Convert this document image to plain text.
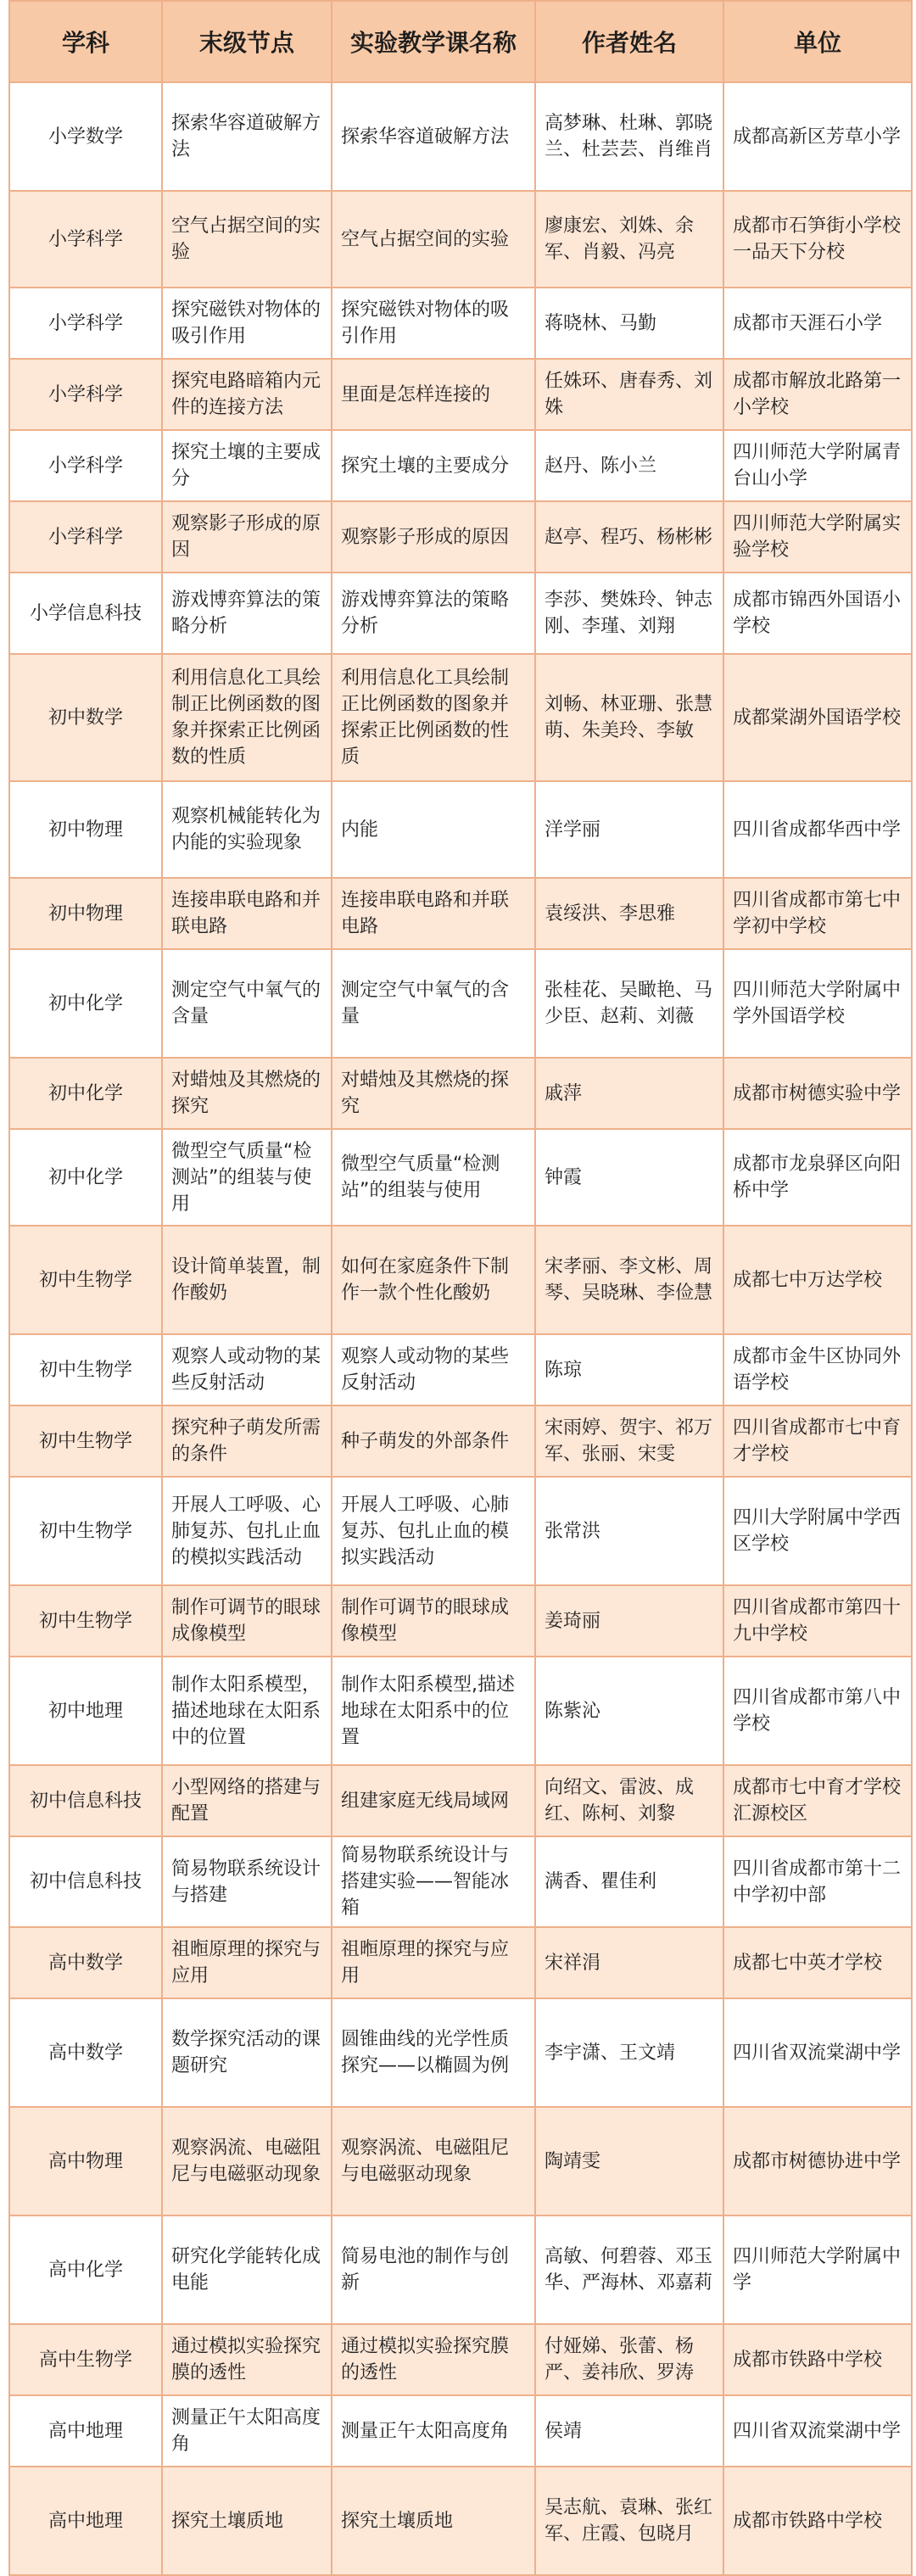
学科	末级节点	实验教学课名称	作者姓名	单位
小学数学	探索华容道破解方法	探索华容道破解方法	高梦琳、杜琳、郭晓兰、杜芸芸、肖维肖	成都高新区芳草小学
小学科学	空气占据空间的实验	空气占据空间的实验	廖康宏、刘姝、余军、肖毅、冯亮	成都市石笋街小学校一品天下分校
小学科学	探究磁铁对物体的吸引作用	探究磁铁对物体的吸引作用	蒋晓林、马勤	成都市天涯石小学
小学科学	探究电路暗箱内元件的连接方法	里面是怎样连接的	任姝环、唐春秀、刘姝	成都市解放北路第一小学校
小学科学	探究土壤的主要成分	探究土壤的主要成分	赵丹、陈小兰	四川师范大学附属青台山小学
小学科学	观察影子形成的原因	观察影子形成的原因	赵亭、程巧、杨彬彬	四川师范大学附属实验学校
小学信息科技	游戏博弈算法的策略分析	游戏博弈算法的策略分析	李莎、樊姝玲、钟志刚、李瑾、刘翔	成都市锦西外国语小学校
初中数学	利用信息化工具绘制正比例函数的图象并探索正比例函数的性质	利用信息化工具绘制正比例函数的图象并探索正比例函数的性质	刘畅、林亚珊、张慧萌、朱美玲、李敏	成都棠湖外国语学校
初中物理	观察机械能转化为内能的实验现象	内能	洋学丽	四川省成都华西中学
初中物理	连接串联电路和并联电路	连接串联电路和并联电路	袁绥洪、李思雅	四川省成都市第七中学初中学校
初中化学	测定空气中氧气的含量	测定空气中氧气的含量	张桂花、吴瞰艳、马少臣、赵莉、刘薇	四川师范大学附属中学外国语学校
初中化学	对蜡烛及其燃烧的探究	对蜡烛及其燃烧的探究	戚萍	成都市树德实验中学
初中化学	微型空气质量“检测站”的组装与使用	微型空气质量“检测站”的组装与使用	钟霞	成都市龙泉驿区向阳桥中学
初中生物学	设计简单装置，制作酸奶	如何在家庭条件下制作一款个性化酸奶	宋孝丽、李文彬、周琴、吴晓琳、李俭慧	成都七中万达学校
初中生物学	观察人或动物的某些反射活动	观察人或动物的某些反射活动	陈琼	成都市金牛区协同外语学校
初中生物学	探究种子萌发所需的条件	种子萌发的外部条件	宋雨婷、贺宇、祁万军、张丽、宋雯	四川省成都市七中育才学校
初中生物学	开展人工呼吸、心肺复苏、包扎止血的模拟实践活动	开展人工呼吸、心肺复苏、包扎止血的模拟实践活动	张常洪	四川大学附属中学西区学校
初中生物学	制作可调节的眼球成像模型	制作可调节的眼球成像模型	姜琦丽	四川省成都市第四十九中学校
初中地理	制作太阳系模型，描述地球在太阳系中的位置	制作太阳系模型,描述地球在太阳系中的位置	陈紫沁	四川省成都市第八中学校
初中信息科技	小型网络的搭建与配置	组建家庭无线局域网	向绍文、雷波、成红、陈柯、刘黎	成都市七中育才学校汇源校区
初中信息科技	简易物联系统设计与搭建	简易物联系统设计与搭建实验——智能冰箱	满香、瞿佳利	四川省成都市第十二中学初中部
高中数学	祖暅原理的探究与应用	祖暅原理的探究与应用	宋祥涓	成都七中英才学校
高中数学	数学探究活动的课题研究	圆锥曲线的光学性质探究——以椭圆为例	李宇潇、王文靖	四川省双流棠湖中学
高中物理	观察涡流、电磁阻尼与电磁驱动现象	观察涡流、电磁阻尼与电磁驱动现象	陶靖雯	成都市树德协进中学
高中化学	研究化学能转化成电能	简易电池的制作与创新	高敏、何碧蓉、邓玉华、严海林、邓嘉莉	四川师范大学附属中学
高中生物学	通过模拟实验探究膜的透性	通过模拟实验探究膜的透性	付娅娣、张蕾、杨严、姜祎欣、罗涛	成都市铁路中学校
高中地理	测量正午太阳高度角	测量正午太阳高度角	侯靖	四川省双流棠湖中学
高中地理	探究土壤质地	探究土壤质地	吴志航、袁琳、张红军、庄霞、包晓月	成都市铁路中学校
